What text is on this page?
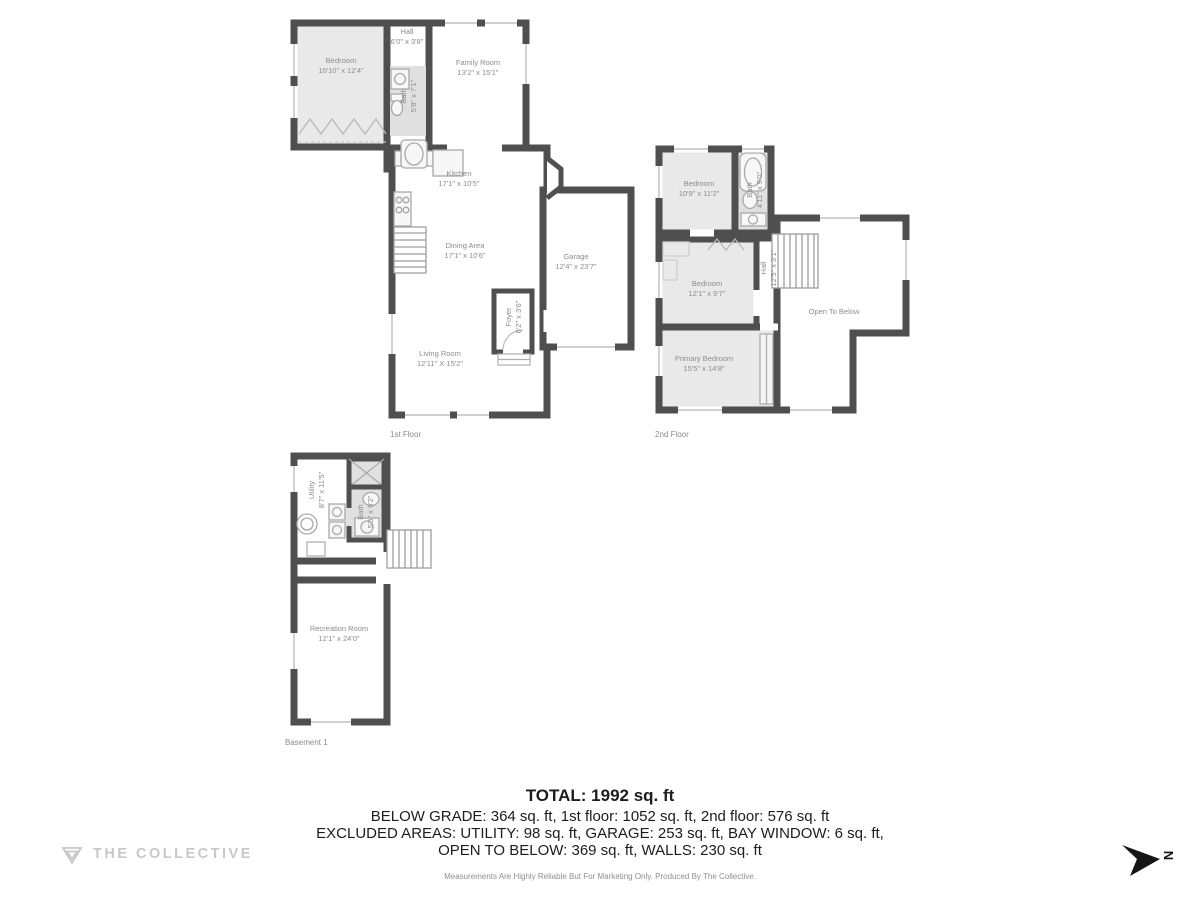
Bedroom
10'10" x 12'4"
Hall
6'0" x 3'8"
Bath 5'8" x 7'1"
Family Room
13'2" x 15'1"
Kitchen
17'1" x 10'5"
Dining Area
17'1" x 10'6"	Garage
12'4" x 23'7"
Living Room
12'11" X 15'2"
Foyer 6'2" x 3'6"
1st Floor
Bedroom
10'9" x 11'2"	Bath 4'11" x 9'0"
Bedroom
12'1" x 9'7"
Hall 12'5" x 3'1"
Open To Below
Primary Bedroom
15'5" x 14'8"
2nd Floor
Utility 8'7" x 11'5"
Bath 5'5" x 9'2"
Recreation Room
12'1" x 24'0"
Basement 1
TOTAL: 1992 sq. ft
BELOW GRADE: 364 sq. ft, 1st floor: 1052 sq. ft, 2nd floor: 576 sq. ft
EXCLUDED AREAS: UTILITY: 98 sq. ft, GARAGE: 253 sq. ft, BAY WINDOW: 6 sq. ft,
OPEN TO BELOW: 369 sq. ft, WALLS: 230 sq. ft
Measurements Are Highly Reliable But For Marketing Only. Produced By The Collective.
THE COLLECTIVE	N
